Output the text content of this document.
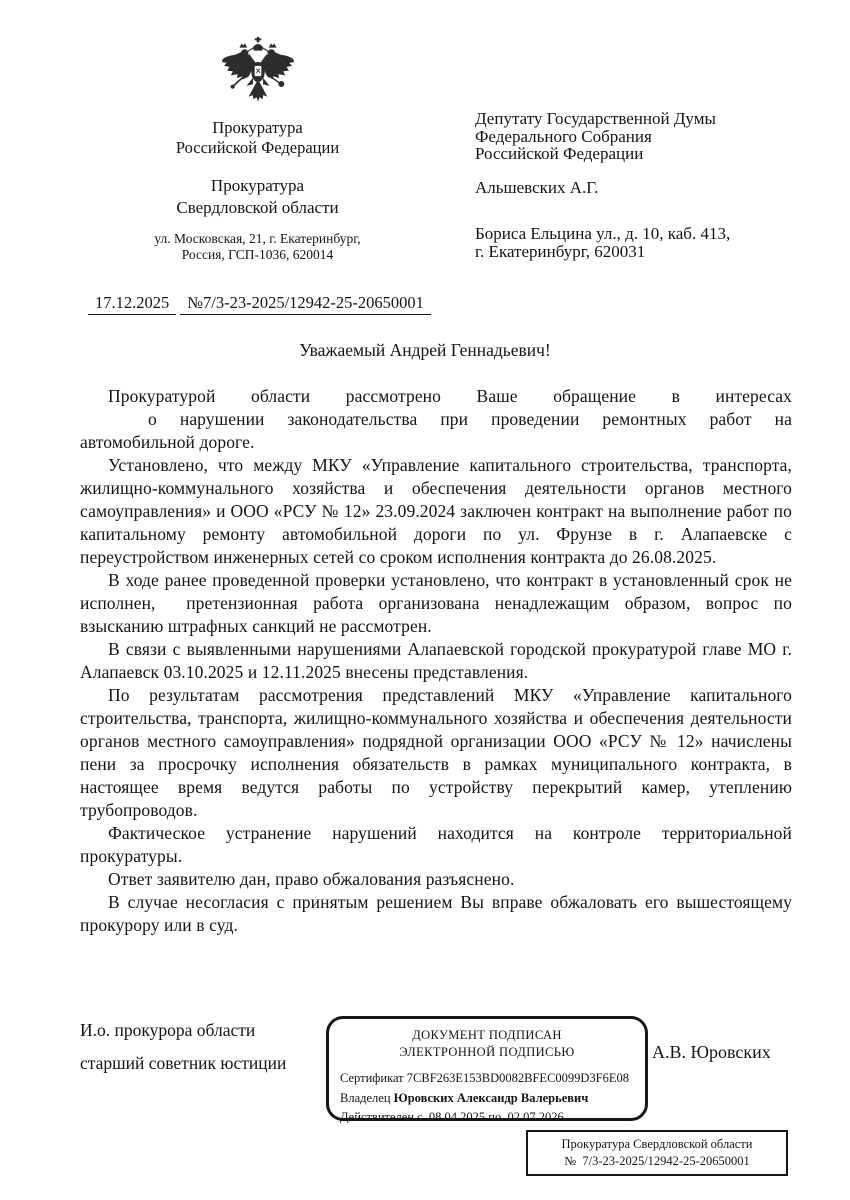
Прокуратура
Российской Федерации
Прокуратура
Свердловской области
ул. Московская, 21, г. Екатеринбург,
Россия, ГСП-1036, 620014
Депутату Государственной Думы
Федерального Собрания
Российской Федерации
Альшевских А.Г.
Бориса Ельцина ул., д. 10, каб. 413,
г. Екатеринбург, 620031
17.12.2025 №7/3-23-2025/12942-25-20650001
Уважаемый Андрей Геннадьевич!
Прокуратурой области рассмотрено Ваше обращение в интересах
о нарушении законодательства при проведении ремонтных работ на
автомобильной дороге.

Установлено, что между МКУ «Управление капитального строительства, транспорта, жилищно-коммунального хозяйства и обеспечения деятельности органов местного самоуправления» и ООО «РСУ № 12» 23.09.2024 заключен контракт на выполнение работ по капитальному ремонту автомобильной дороги по ул. Фрунзе в г. Алапаевске с переустройством инженерных сетей со сроком исполнения контракта до 26.08.2025.

В ходе ранее проведенной проверки установлено, что контракт в установленный срок не исполнен,  претензионная работа организована ненадлежащим образом, вопрос по взысканию штрафных санкций не рассмотрен.

В связи с выявленными нарушениями Алапаевской городской прокуратурой главе МО г. Алапаевск 03.10.2025 и 12.11.2025 внесены представления.

По результатам рассмотрения представлений МКУ «Управление капитального строительства, транспорта, жилищно-коммунального хозяйства и обеспечения деятельности органов местного самоуправления» подрядной организации ООО «РСУ № 12» начислены пени за просрочку исполнения обязательств в рамках муниципального контракта, в настоящее время ведутся работы по устройству перекрытий камер, утеплению трубопроводов.

Фактическое устранение нарушений находится на контроле территориальной прокуратуры.

Ответ заявителю дан, право обжалования разъяснено.

В случае несогласия с принятым решением Вы вправе обжаловать его вышестоящему прокурору или в суд.

И.о. прокурора области
старший советник юстиции
ДОКУМЕНТ ПОДПИСАН
ЭЛЕКТРОННОЙ ПОДПИСЬЮ
Сертификат 7CBF263E153BD0082BFEC0099D3F6E08
Владелец Юровских Александр Валерьевич
Действителен с  08.04.2025 по  02.07.2026
А.В. Юровских
Прокуратура Свердловской области
№  7/3-23-2025/12942-25-20650001
